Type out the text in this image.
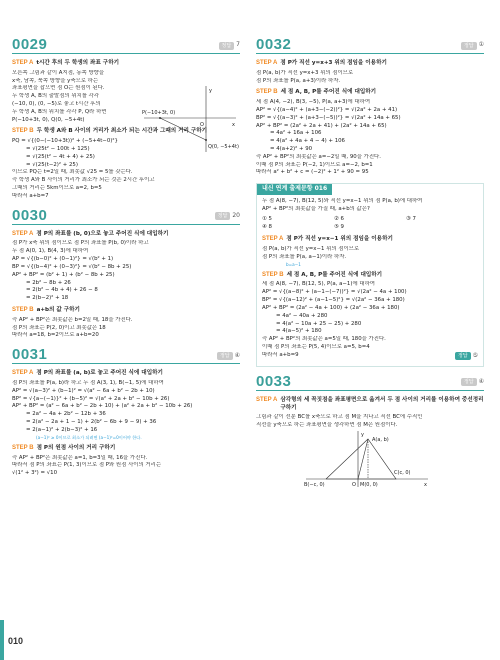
0029	정답 7
STEP A t시간 후의 두 학생의 좌표 구하기
오른쪽 그림과 같이 A지점, 동쪽 방향을
x축, 남쪽, 북쪽 방향을 y축으로 하는
좌표평면을 잡으면 점 O는 원점이 된다.
두 학생 A, B의 출발점의 위치를 각각
(−10, 0), (0, −5)로 놓고 t시간 후의
두 학생 A, B의 위치를 각각 P, Q라 하면
P(−10+3t, 0), Q(0, −5+4t)
y
P(−10+3t, 0)
O	x
Q(0, −5+4t)
STEP B 두 학생 A와 B 사이의 거리가 최소가 되는 시간과 그때의 거리 구하기
PQ = √{(0−(−10+3t))² + (−5+4t−0)²}
= √(25t² − 100t + 125)
= √(25(t² − 4t + 4) + 25)
= √(25(t−2)² + 25)
이므로 PQ는 t=2일 때, 최솟값 √25 = 5를 갖는다.
즉 학생 A와 B 사이의 거리가 최소가 되는 것은 2시간 후이고
그때의 거리는 5km이므로 a=2, b=5
따라서 a+b=7
0030	정답 20
STEP A 점 P의 좌표를 (b, 0)으로 놓고 주어진 식에 대입하기
점 P가 x축 위의 점이므로 점 P의 좌표를 P(b, 0)이라 하고
두 점 A(0, 1), B(4, 3)에 대하여
AP = √{(b−0)² + (0−1)²} = √(b² + 1)
BP = √{(b−4)² + (0−3)²} = √(b² − 8b + 25)
AP² + BP² = (b² + 1) + (b² − 8b + 25)
= 2b² − 8b + 26
= 2(b² − 4b + 4) + 26 − 8
= 2(b−2)² + 18
STEP B a+b의 값 구하기
즉 AP² + BP²은 최솟값은 b=2일 때, 18을 가진다.
점 P의 좌표는 P(2, 0)이고 최솟값은 18
따라서 a=18, b=2이므로 a+b=20
0031	정답 ④
STEP A 점 P의 좌표를 (a, b)로 놓고 주어진 식에 대입하기
점 P의 좌표를 P(a, b)라 하고 두 점 A(3, 1), B(−1, 5)에 대하여
AP² = √(a−3)² + (b−1)² = √(a² − 6a + b² − 2b + 10)
BP² = √{a−(−1)}² + (b−5)² = √(a² + 2a + b² − 10b + 26)
AP² + BP² = (a² − 6a + b² − 2b + 10) + (a² + 2a + b² − 10b + 26)
= 2a² − 4a + 2b² − 12b + 36
= 2(a² − 2a + 1 − 1) + 2(b² − 6b + 9 − 9) + 36
= 2(a−1)² + 2(b−3)² + 16
(a−1)² ≥ 0이므로 최소가 되려면 (a−1)²=0이어야 한다.
STEP B 점 P의 원점 사이의 거리 구하기
즉 AP² + BP²은 최솟값은 a=1, b=3일 때, 16을 가진다.
따라서 점 P의 좌표는 P(1, 3)이므로 점 P와 원점 사이의 거리는
√(1² + 3²) = √10
0032	정답 ①
STEP A 점 P가 직선 y=x+3 위의 점임을 이용하기
점 P(a, b)가 직선 y=x+3 위의 점이므로
점 P의 좌표를 P(a, a+3)이라 하자.
STEP B 세 점 A, B, P를 주어진 식에 대입하기
세 점 A(4, −2), B(3, −5), P(a, a+3)에 대하여
AP² = √{(a−4)² + (a+3−(−2))²} = √(2a² + 2a + 41)
BP² = √{(a−3)² + (a+3−(−5))²} = √(2a² + 14a + 65)
AP² + BP² = (2a² + 2a + 41) + (2a² + 14a + 65)
= 4a² + 16a + 106
= 4(a² + 4a + 4 − 4) + 106
= 4(a+2)² + 90
즉 AP² + BP²의 최솟값은 a=−2일 때, 90을 가진다.
이때 점 P의 좌표는 P(−2, 1)이므로 a=−2, b=1
따라서 a² + b² + c = (−2)² + 1² + 90 = 95
내신 연계 출제문항 016
두 점 A(8, −7), B(12, 5)와 직선 y=x−1 위의 점 P(a, b)에 대하여
AP² + BP²의 최솟값을 가질 때, a+b의 값은?
① 5	② 6	③ 7
④ 8	⑤ 9
STEP A 점 P가 직선 y=x−1 위의 점임을 이용하기
점 P(a, b)가 직선 y=x−1 위의 점이므로
점 P의 좌표를 P(a, a−1)이라 하자.
b=a−1
STEP B 세 점 A, B, P를 주어진 식에 대입하기
세 점 A(8, −7), B(12, 5), P(a, a−1)에 대하여
AP² = √{(a−8)² + (a−1−(−7))²} = √(2a² − 4a + 100)
BP² = √{(a−12)² + (a−1−5)²} = √(2a² − 36a + 180)
AP² + BP² = (2a² − 4a + 100) + (2a² − 36a + 180)
= 4a² − 40a + 280
= 4(a² − 10a + 25 − 25) + 280
= 4(a−5)² + 180
즉 AP² + BP²의 최솟값은 a=5일 때, 180을 가진다.
이때 점 P의 좌표는 P(5, 4)이므로 a=5, b=4
따라서 a+b=9	정답 ⑤
0033	정답 ④
STEP A 삼각형의 세 꼭짓점을 좌표평면으로 옮겨서 두 점 사이의 거리를 이용하여 중선정리 구하기
그림과 같이 선분 BC를 x축으로 하고 점 M을 지나고 직선 BC에 수직인
직선을 y축으로 하는 좌표평면을 생각하면 점 M은 원점이다.
y
A(a, b)
B(−c, 0)	O M(0, 0)
C(c, 0)
x
010
